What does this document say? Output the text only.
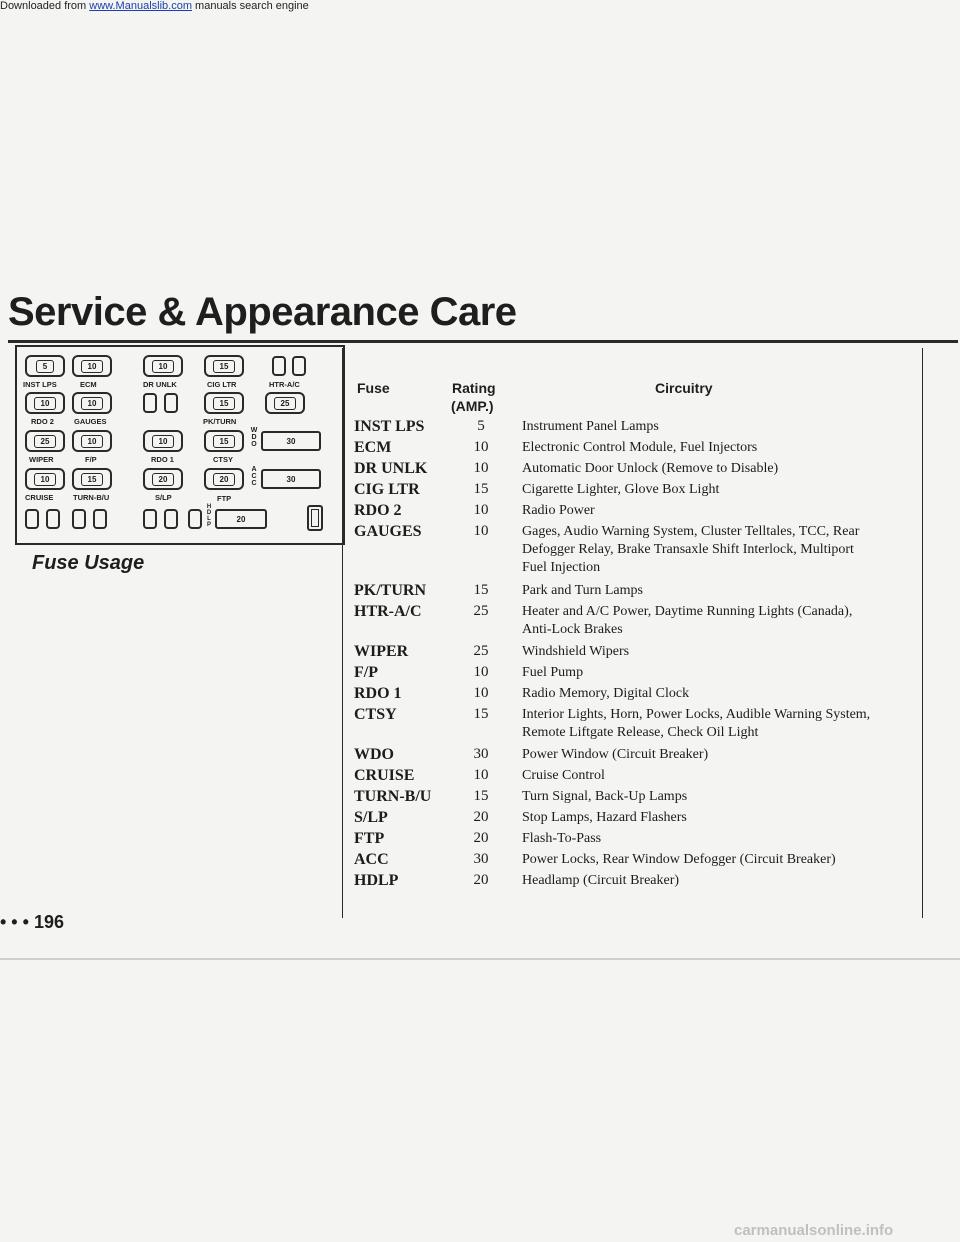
Downloaded from www.Manualslib.com manuals search engine
Service & Appearance Care
5	10	10	15
INST LPS	ECM	DR UNLK	CIG LTR	HTR-A/C
10	10	15	25
RDO 2	GAUGES	PK/TURN
25	10	10	15
W
D
O	30
WIPER	F/P	RDO 1	CTSY
10	15	20	20
A
C
C	30
CRUISE	TURN-B/U	S/LP	FTP
H
D
L
P
20
Fuse Usage
Fuse	Rating
(AMP.)
Circuitry
INST LPS	5	Instrument Panel Lamps
ECM	10	Electronic Control Module, Fuel Injectors
DR UNLK	10	Automatic Door Unlock (Remove to Disable)
CIG LTR	15	Cigarette Lighter, Glove Box Light
RDO 2	10	Radio Power
GAUGES	10	Gages, Audio Warning System, Cluster Telltales, TCC, Rear Defogger Relay, Brake Transaxle Shift Interlock, Multiport Fuel Injection
PK/TURN	15	Park and Turn Lamps
HTR-A/C	25	Heater and A/C Power, Daytime Running Lights (Canada), Anti-Lock Brakes
WIPER	25	Windshield Wipers
F/P	10	Fuel Pump
RDO 1	10	Radio Memory, Digital Clock
CTSY	15	Interior Lights, Horn, Power Locks, Audible Warning System, Remote Liftgate Release, Check Oil Light
WDO	30	Power Window (Circuit Breaker)
CRUISE	10	Cruise Control
TURN-B/U	15	Turn Signal, Back-Up Lamps
S/LP	20	Stop Lamps, Hazard Flashers
FTP	20	Flash-To-Pass
ACC	30	Power Locks, Rear Window Defogger (Circuit Breaker)
HDLP	20	Headlamp (Circuit Breaker)
• • • 196
carmanualsonline.info
